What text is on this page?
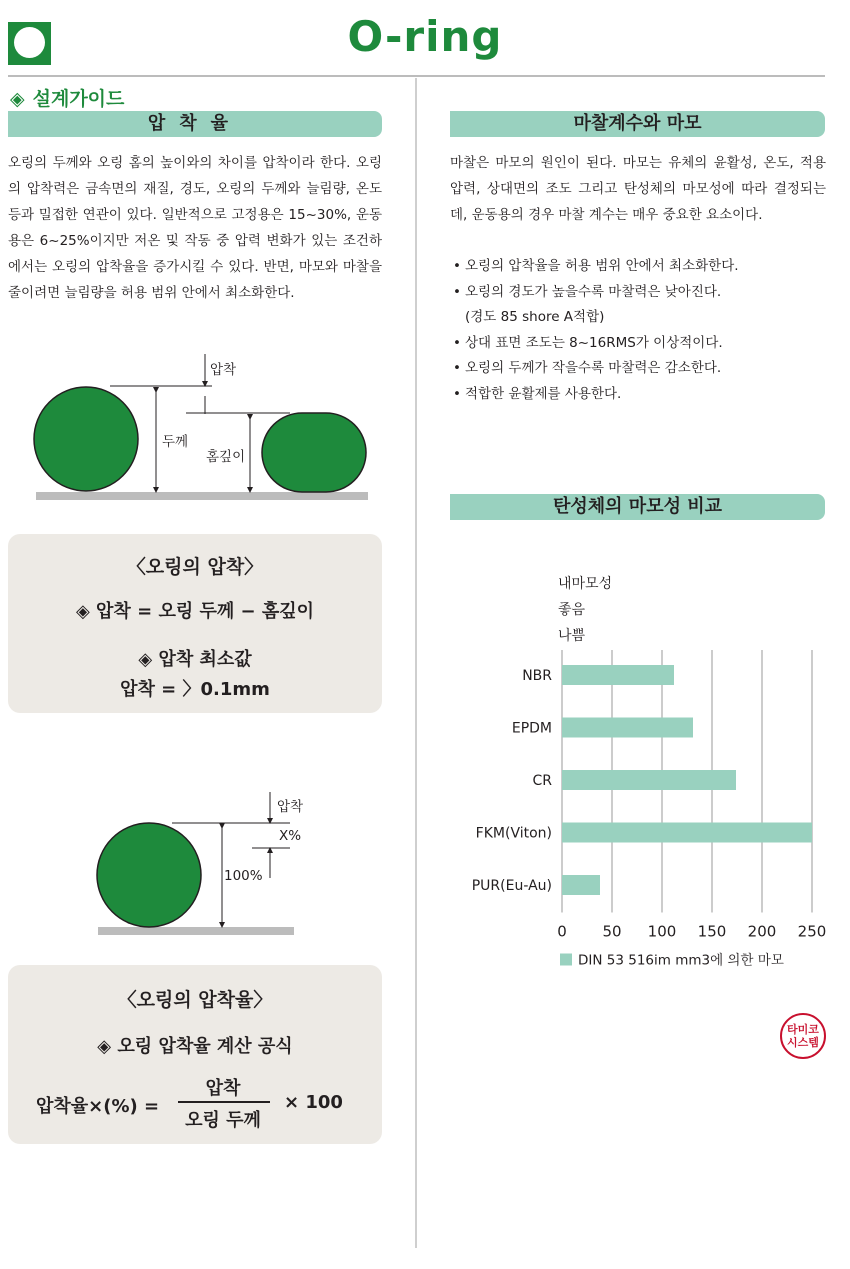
O-ring
◈ 설계가이드
압착율
오링의 두께와 오링 홈의 높이와의 차이를 압착이라 한다. 오링의 압착력은 금속면의 재질, 경도, 오링의 두께와 늘림량, 온도 등과 밀접한 연관이 있다. 일반적으로 고정용은 15~30%, 운동용은 6~25%이지만 저온 및 작동 중 압력 변화가 있는 조건하에서는 오링의 압착율을 증가시킬 수 있다. 반면, 마모와 마찰을 줄이려면 늘림량을 허용 범위 안에서 최소화한다.
압착
두께
홈깊이
〈오링의 압착〉
◈ 압착 = 오링 두께 − 홈깊이
◈ 압착 최소값
압착 = 〉0.1mm
압착
X%
100%
〈오링의 압착율〉
◈ 오링 압착율 계산 공식
압착율×(%) =
압착
오링 두께
× 100
마찰계수와 마모
마찰은 마모의 원인이 된다. 마모는 유체의 윤활성, 온도, 적용 압력, 상대면의 조도 그리고 탄성체의 마모성에 따라 결정되는데, 운동용의 경우 마찰 계수는 매우 중요한 요소이다.
• 오링의 압착율을 허용 범위 안에서 최소화한다.
• 오링의 경도가 높을수록 마찰력은 낮아진다.
(경도 85 shore A적합)
• 상대 표면 조도는 8~16RMS가 이상적이다.
• 오링의 두께가 작을수록 마찰력은 감소한다.
• 적합한 윤활제를 사용한다.
탄성체의 마모성 비교
내마모성
좋음
나쁨
0 50 100 150 200 250
NBR
EPDM
CR
FKM(Viton)
PUR(Eu-Au)
DIN 53 516im mm3에 의한 마모
타미코
시스템
